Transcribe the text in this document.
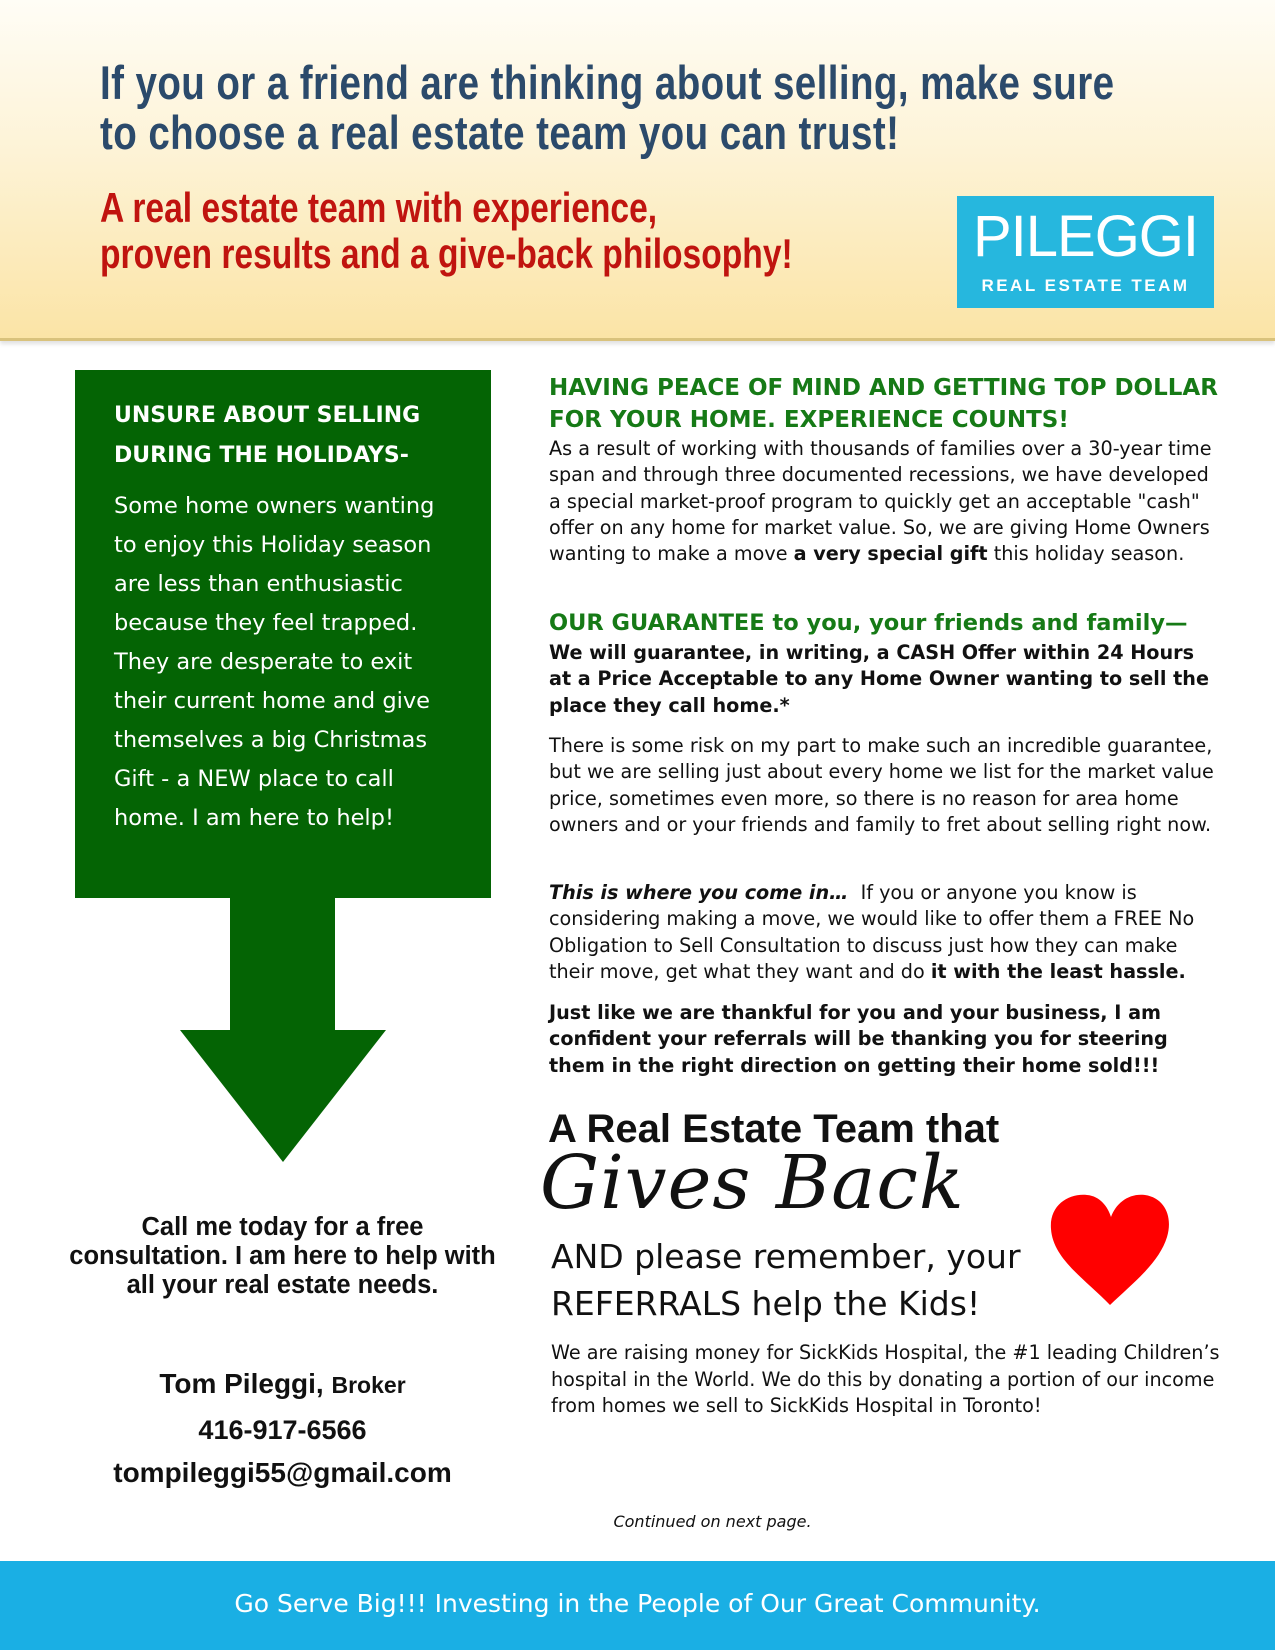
If you or a friend are thinking about selling, make sure
to choose a real estate team you can trust!
A real estate team with experience,
proven results and a give-back philosophy!	PILEGGI
REAL ESTATE TEAM
UNSURE ABOUT SELLING DURING THE HOLIDAYS-
Some home owners wanting to enjoy this Holiday season are less than enthusiastic because they feel trapped. They are desperate to exit their current home and give themselves a big Christmas Gift - a NEW place to call home. I am here to help!
Call me today for a free consultation. I am here to help with all your real estate needs.
Tom Pileggi, Broker
416-917-6566
tompileggi55@gmail.com
HAVING PEACE OF MIND AND GETTING TOP DOLLAR FOR YOUR HOME. EXPERIENCE COUNTS!
As a result of working with thousands of families over a 30-year time span and through three documented recessions, we have developed a special market-proof program to quickly get an acceptable "cash" offer on any home for market value. So, we are giving Home Owners wanting to make a move a very special gift this holiday season.
OUR GUARANTEE to you, your friends and family—
We will guarantee, in writing, a CASH Offer within 24 Hours at a Price Acceptable to any Home Owner wanting to sell the place they call home.*
There is some risk on my part to make such an incredible guarantee, but we are selling just about every home we list for the market value price, sometimes even more, so there is no reason for area home owners and or your friends and family to fret about selling right now.
This is where you come in… If you or anyone you know is considering making a move, we would like to offer them a FREE No Obligation to Sell Consultation to discuss just how they can make their move, get what they want and do it with the least hassle.
Just like we are thankful for you and your business, I am confident your referrals will be thanking you for steering them in the right direction on getting their home sold!!!
A Real Estate Team that
Gives Back
AND please remember, your REFERRALS help the Kids!
We are raising money for SickKids Hospital, the #1 leading Children’s hospital in the World. We do this by donating a portion of our income from homes we sell to SickKids Hospital in Toronto!
Continued on next page.
Go Serve Big!!! Investing in the People of Our Great Community.
